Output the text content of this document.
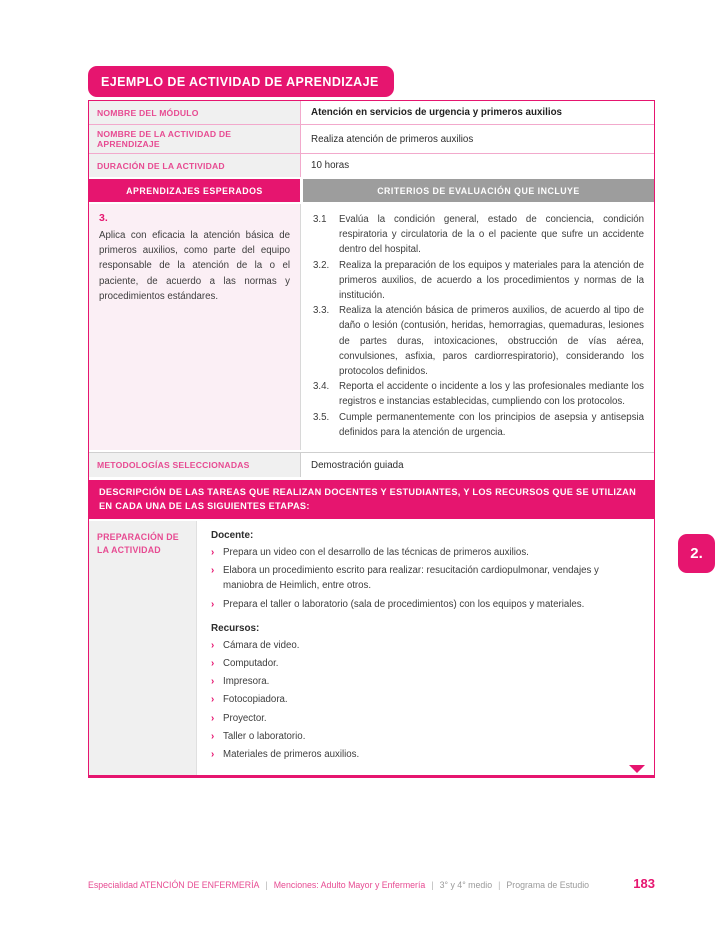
EJEMPLO DE ACTIVIDAD DE APRENDIZAJE
NOMBRE DEL MÓDULO	Atención en servicios de urgencia y primeros auxilios
NOMBRE DE LA ACTIVIDAD DE APRENDIZAJE	Realiza atención de primeros auxilios
DURACIÓN DE LA ACTIVIDAD	10 horas
APRENDIZAJES ESPERADOS	CRITERIOS DE EVALUACIÓN QUE INCLUYE
3.
Aplica con eficacia la atención básica de primeros auxilios, como parte del equipo responsable de la atención de la o el paciente, de acuerdo a las normas y procedimientos estándares.
3.1 Evalúa la condición general, estado de conciencia, condición respiratoria y circulatoria de la o el paciente que sufre un accidente dentro del hospital.
3.2. Realiza la preparación de los equipos y materiales para la atención de primeros auxilios, de acuerdo a los procedimientos y normas de la institución.
3.3. Realiza la atención básica de primeros auxilios, de acuerdo al tipo de daño o lesión (contusión, heridas, hemorragias, quemaduras, lesiones de partes duras, intoxicaciones, obstrucción de vías aérea, convulsiones, asfixia, paros cardiorrespiratorio), considerando los protocolos definidos.
3.4. Reporta el accidente o incidente a los y las profesionales mediante los registros e instancias establecidas, cumpliendo con los protocolos.
3.5. Cumple permanentemente con los principios de asepsia y antisepsia definidos para la atención de urgencia.
METODOLOGÍAS SELECCIONADAS	Demostración guiada
DESCRIPCIÓN DE LAS TAREAS QUE REALIZAN DOCENTES Y ESTUDIANTES, Y LOS RECURSOS QUE SE UTILIZAN EN CADA UNA DE LAS SIGUIENTES ETAPAS:
PREPARACIÓN DE LA ACTIVIDAD
Docente:
› Prepara un video con el desarrollo de las técnicas de primeros auxilios.
› Elabora un procedimiento escrito para realizar: resucitación cardiopulmonar, vendajes y maniobra de Heimlich, entre otros.
› Prepara el taller o laboratorio (sala de procedimientos) con los equipos y materiales.
Recursos:
› Cámara de video.
› Computador.
› Impresora.
› Fotocopiadora.
› Proyector.
› Taller o laboratorio.
› Materiales de primeros auxilios.
2.
Especialidad ATENCIÓN DE ENFERMERÍA | Menciones: Adulto Mayor y Enfermería | 3° y 4° medio | Programa de Estudio	183
